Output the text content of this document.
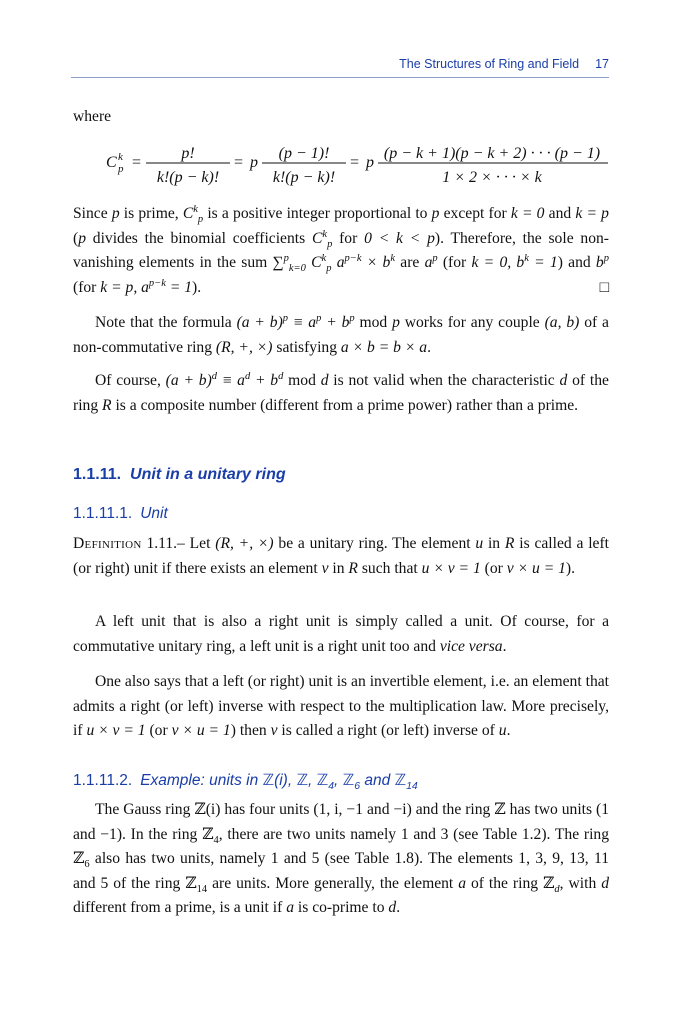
The Structures of Ring and Field 17
where
C k
p =
p!
k!(p − k)!
= p
(p − 1)!
k!(p − k)!
= p
(p − k + 1)(p − k + 2) · · · (p − 1)
1 × 2 × · · · × k

Since p is prime, $C^k_p$ is a positive integer proportional to p except for k = 0 and k = p (p divides the binomial coefficients $C^k_p$ for 0 < k < p). Therefore, the sole non-vanishing elements in the sum ∑$^p_{k=0}$ $C^k_p$ $a^{p-k} \times b^k$ are $a^p$ (for k = 0, $b^k = 1$) and $b^p$ (for k = p, $a^{p-k} = 1$).	□

Note that the formula $(a + b)^p \equiv a^p + b^p$ mod p works for any couple (a, b) of a non-commutative ring (R, +, ×) satisfying a × b = b × a.

Of course, $(a + b)^d \equiv a^d + b^d$ mod d is not valid when the characteristic d of the ring R is a composite number (different from a prime power) rather than a prime.

1.1.11. Unit in a unitary ring
1.1.11.1. Unit

Definition 1.11.– Let (R, +, ×) be a unitary ring. The element u in R is called a left (or right) unit if there exists an element v in R such that u × v = 1 (or v × u = 1).

A left unit that is also a right unit is simply called a unit. Of course, for a commutative unitary ring, a left unit is a right unit too and vice versa.

One also says that a left (or right) unit is an invertible element, i.e. an element that admits a right (or left) inverse with respect to the multiplication law. More precisely, if u × v = 1 (or v × u = 1) then v is called a right (or left) inverse of u.

1.1.11.2. Example: units in ℤ(i), ℤ, ℤ$_4$, ℤ$_6$ and ℤ$_{14}$

The Gauss ring ℤ(i) has four units (1, i, −1 and −i) and the ring ℤ has two units (1 and −1). In the ring ℤ$_4$, there are two units namely 1 and 3 (see Table 1.2). The ring ℤ$_6$ also has two units, namely 1 and 5 (see Table 1.8). The elements 1, 3, 9, 13, 11 and 5 of the ring ℤ$_{14}$ are units. More generally, the element a of the ring ℤ$_d$, with d different from a prime, is a unit if a is co-prime to d.
